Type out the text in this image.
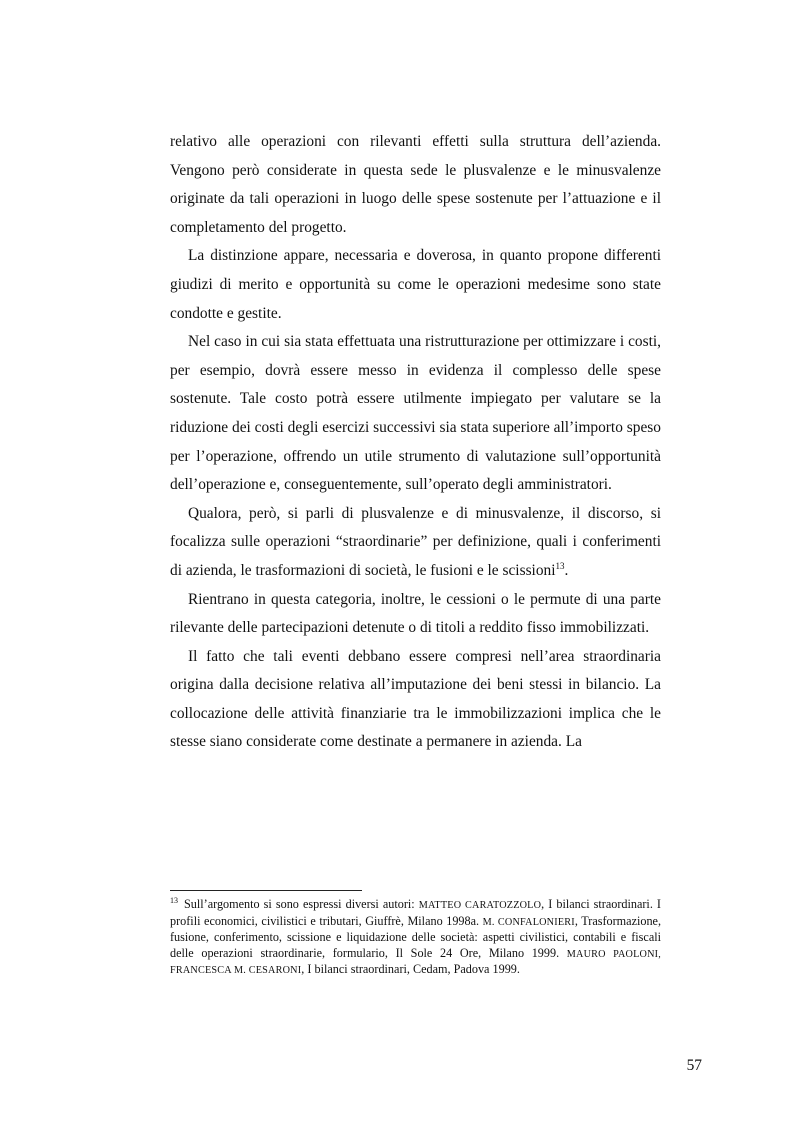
relativo alle operazioni con rilevanti effetti sulla struttura dell’azienda. Vengono però considerate in questa sede le plusvalenze e le minusvalenze originate da tali operazioni in luogo delle spese sostenute per l’attuazione e il completamento del progetto.

La distinzione appare, necessaria e doverosa, in quanto propone differenti giudizi di merito e opportunità su come le operazioni medesime sono state condotte e gestite.

Nel caso in cui sia stata effettuata una ristrutturazione per ottimizzare i costi, per esempio, dovrà essere messo in evidenza il complesso delle spese sostenute. Tale costo potrà essere utilmente impiegato per valutare se la riduzione dei costi degli esercizi successivi sia stata superiore all’importo speso per l’operazione, offrendo un utile strumento di valutazione sull’opportunità dell’operazione e, conseguentemente, sull’operato degli amministratori.

Qualora, però, si parli di plusvalenze e di minusvalenze, il discorso, si focalizza sulle operazioni “straordinarie” per definizione, quali i conferimenti di azienda, le trasformazioni di società, le fusioni e le scissioni$^{13}$.

Rientrano in questa categoria, inoltre, le cessioni o le permute di una parte rilevante delle partecipazioni detenute o di titoli a reddito fisso immobilizzati.

Il fatto che tali eventi debbano essere compresi nell’area straordinaria origina dalla decisione relativa all’imputazione dei beni stessi in bilancio. La collocazione delle attività finanziarie tra le immobilizzazioni implica che le stesse siano considerate come destinate a permanere in azienda. La

$^{13}$ Sull’argomento si sono espressi diversi autori: MATTEO CARATOZZOLO, I bilanci straordinari. I profili economici, civilistici e tributari, Giuffrè, Milano 1998a. M. CONFALONIERI, Trasformazione, fusione, conferimento, scissione e liquidazione delle società: aspetti civilistici, contabili e fiscali delle operazioni straordinarie, formulario, Il Sole 24 Ore, Milano 1999. MAURO PAOLONI, FRANCESCA M. CESARONI, I bilanci straordinari, Cedam, Padova 1999.

57
